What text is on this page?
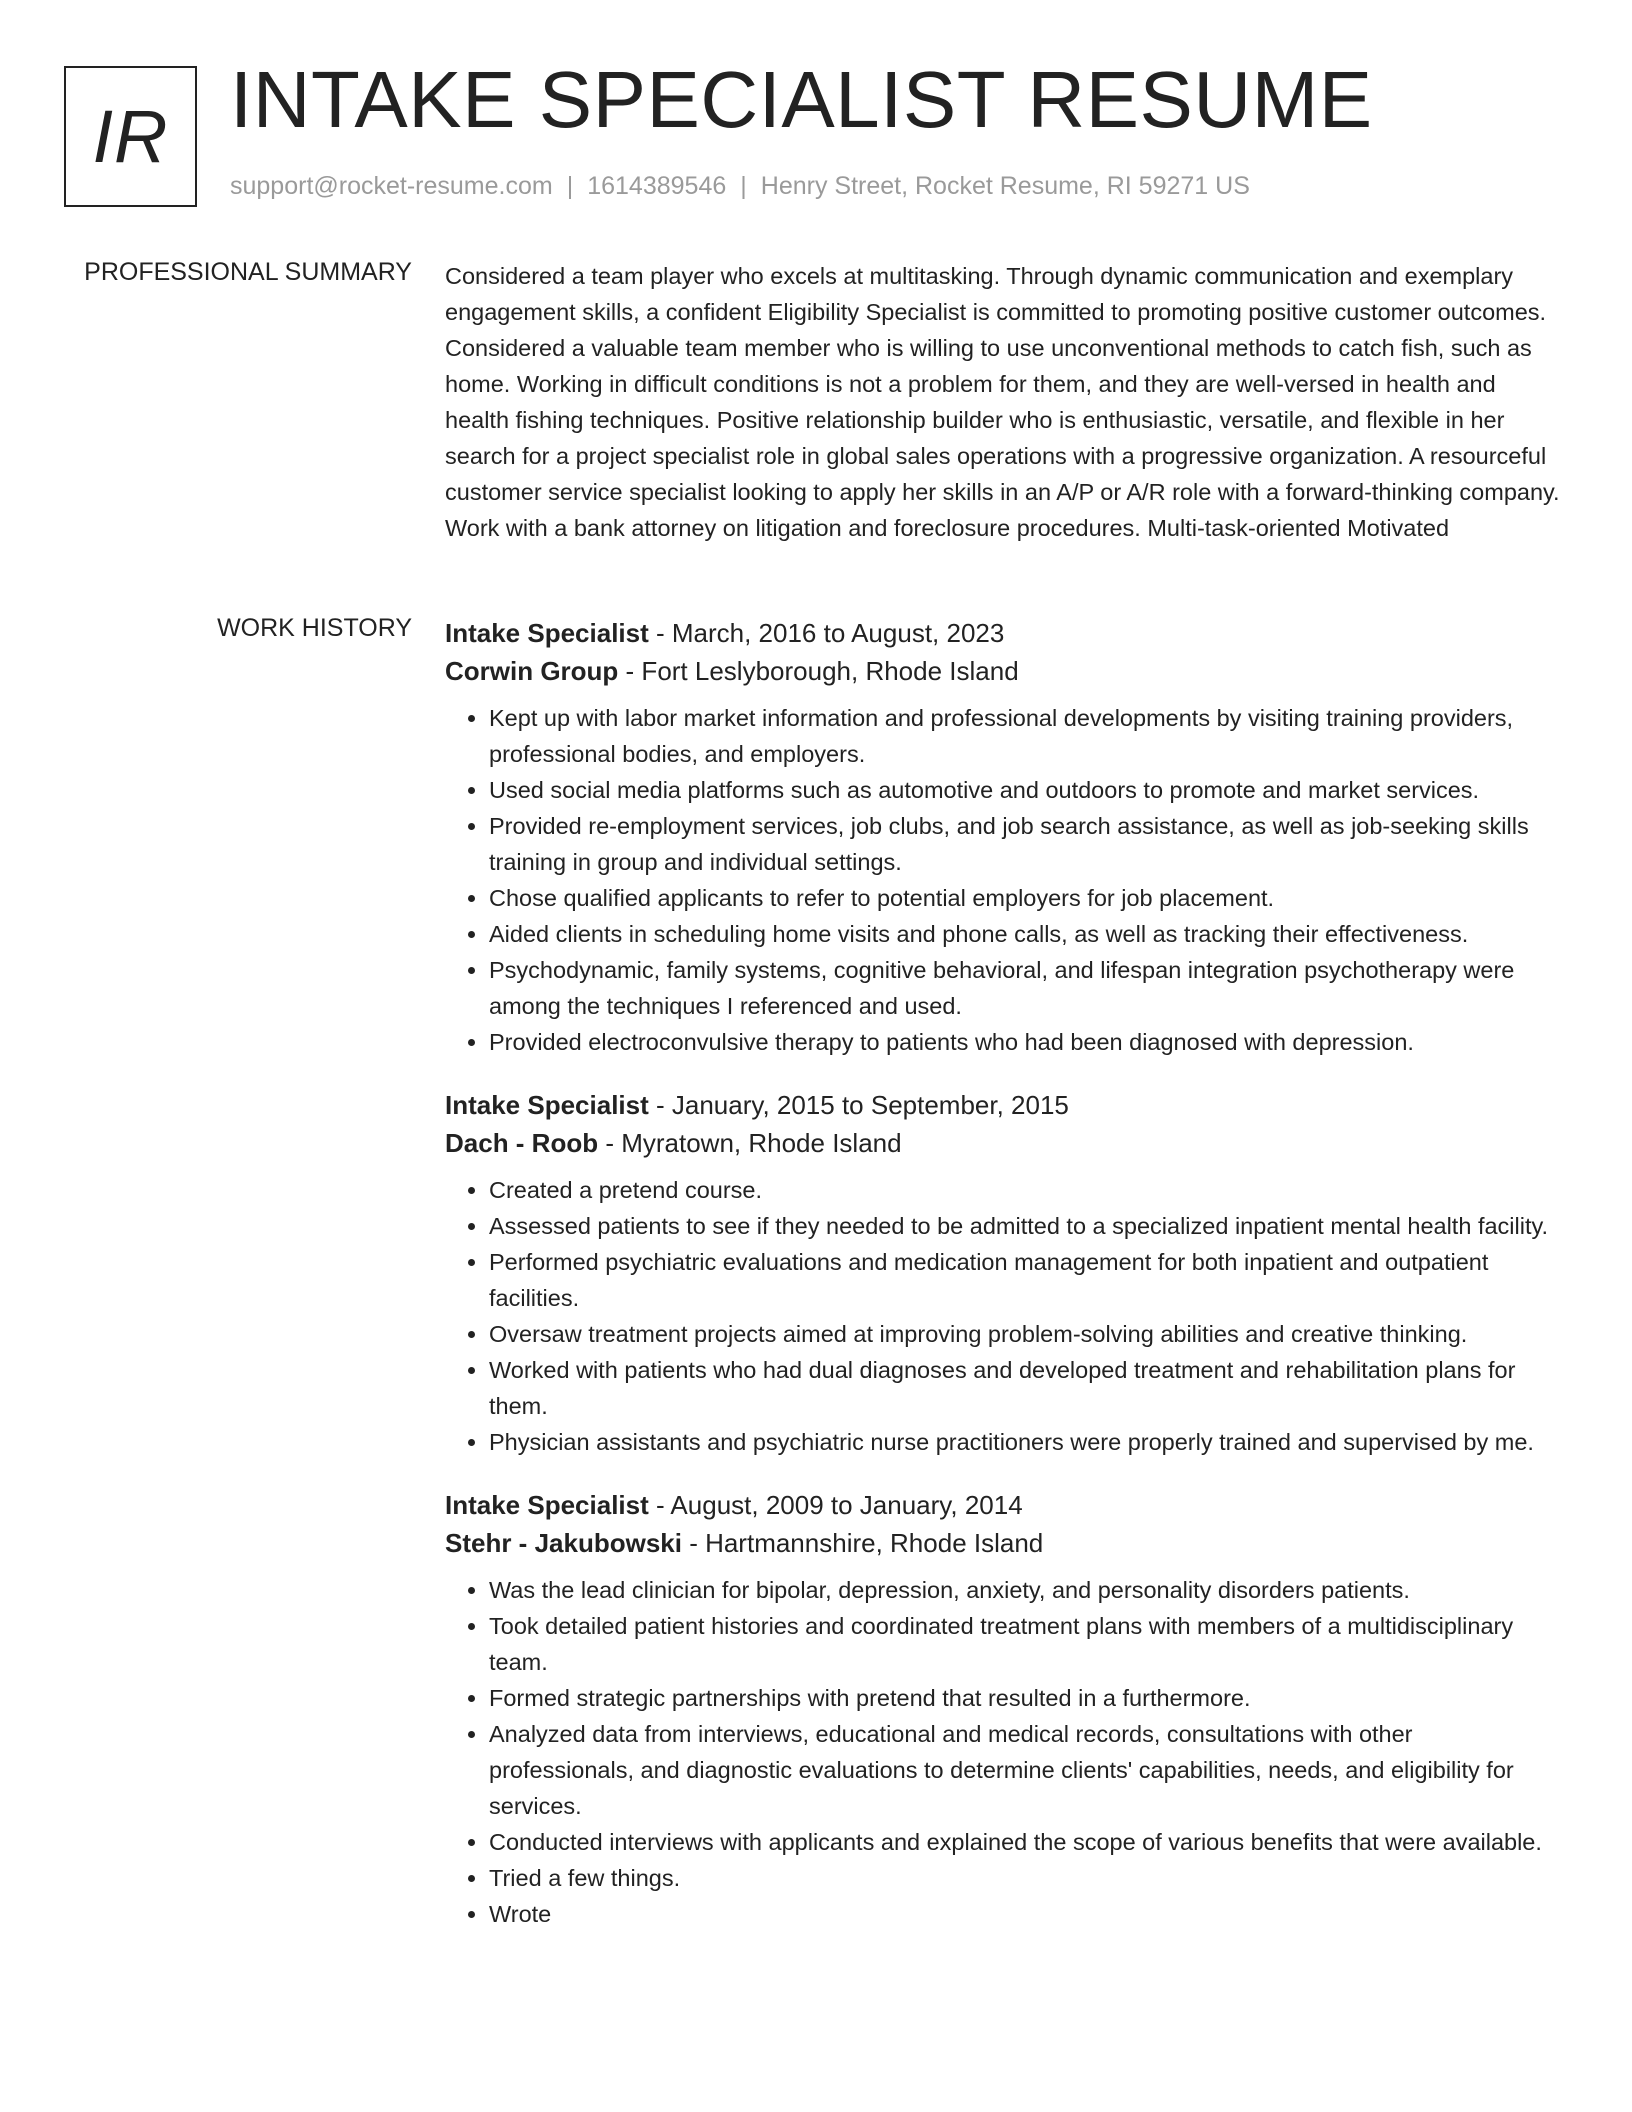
IR INTAKE SPECIALIST RESUME
support@rocket-resume.com | 1614389546 | Henry Street, Rocket Resume, RI 59271 US
PROFESSIONAL SUMMARY Considered a team player who excels at multitasking. Through dynamic communication and exemplary engagement skills, a confident Eligibility Specialist is committed to promoting positive customer outcomes. Considered a valuable team member who is willing to use unconventional methods to catch fish, such as home. Working in difficult conditions is not a problem for them, and they are well-versed in health and health fishing techniques. Positive relationship builder who is enthusiastic, versatile, and flexible in her search for a project specialist role in global sales operations with a progressive organization. A resourceful customer service specialist looking to apply her skills in an A/P or A/R role with a forward-thinking company. Work with a bank attorney on litigation and foreclosure procedures. Multi-task-oriented Motivated

WORK HISTORY Intake Specialist - March, 2016 to August, 2023
Corwin Group - Fort Leslyborough, Rhode Island
• Kept up with labor market information and professional developments by visiting training providers, professional bodies, and employers.
• Used social media platforms such as automotive and outdoors to promote and market services.
• Provided re-employment services, job clubs, and job search assistance, as well as job-seeking skills training in group and individual settings.
• Chose qualified applicants to refer to potential employers for job placement.
• Aided clients in scheduling home visits and phone calls, as well as tracking their effectiveness.
• Psychodynamic, family systems, cognitive behavioral, and lifespan integration psychotherapy were among the techniques I referenced and used.
• Provided electroconvulsive therapy to patients who had been diagnosed with depression.
Intake Specialist - January, 2015 to September, 2015
Dach - Roob - Myratown, Rhode Island
• Created a pretend course.
• Assessed patients to see if they needed to be admitted to a specialized inpatient mental health facility.
• Performed psychiatric evaluations and medication management for both inpatient and outpatient facilities.
• Oversaw treatment projects aimed at improving problem-solving abilities and creative thinking.
• Worked with patients who had dual diagnoses and developed treatment and rehabilitation plans for them.
• Physician assistants and psychiatric nurse practitioners were properly trained and supervised by me.
Intake Specialist - August, 2009 to January, 2014
Stehr - Jakubowski - Hartmannshire, Rhode Island
• Was the lead clinician for bipolar, depression, anxiety, and personality disorders patients.
• Took detailed patient histories and coordinated treatment plans with members of a multidisciplinary team.
• Formed strategic partnerships with pretend that resulted in a furthermore.
• Analyzed data from interviews, educational and medical records, consultations with other professionals, and diagnostic evaluations to determine clients' capabilities, needs, and eligibility for services.
• Conducted interviews with applicants and explained the scope of various benefits that were available.
• Tried a few things.
• Wrote
